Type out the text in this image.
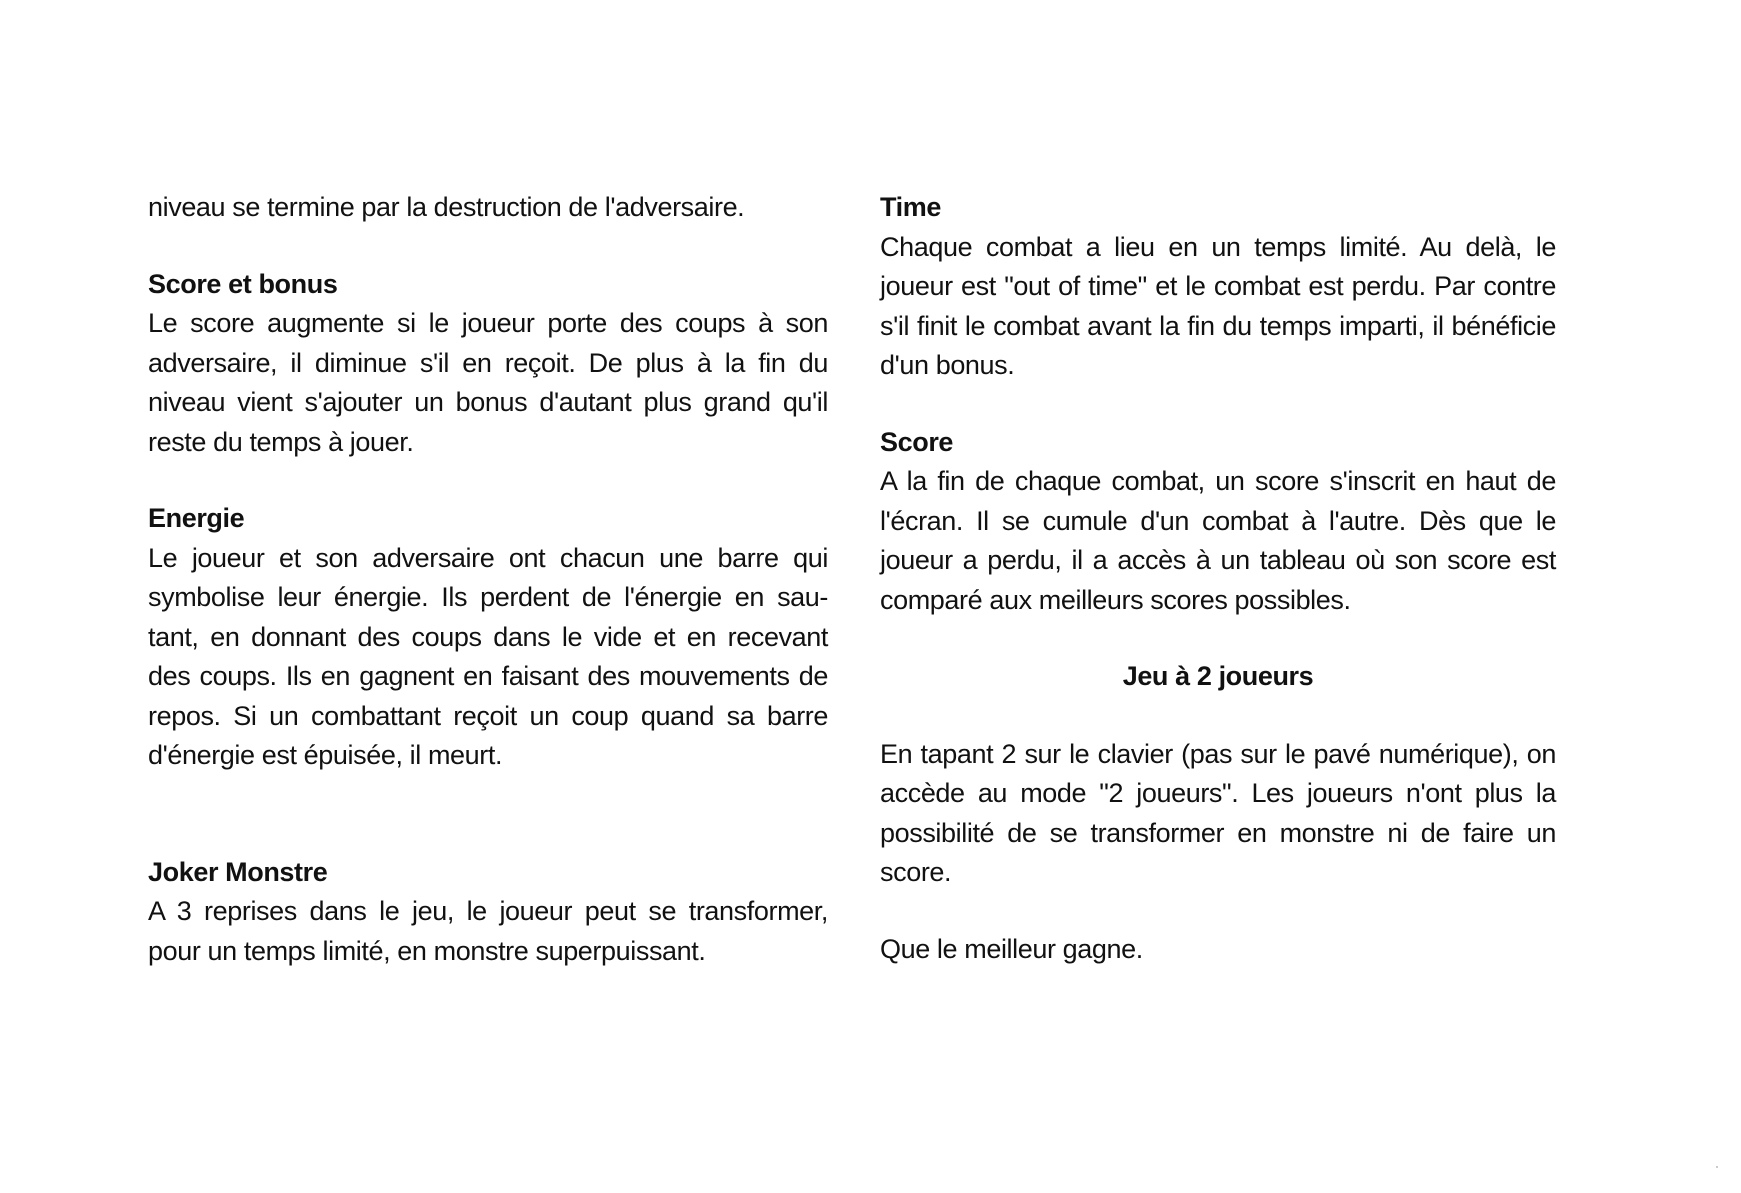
niveau se termine par la destruction de l'adversaire.

Score et bonus

Le score augmente si le joueur porte des coups à son adversaire, il diminue s'il en reçoit. De plus à la fin du niveau vient s'ajouter un bonus d'autant plus grand qu'il reste du temps à jouer.

Energie

Le joueur et son adversaire ont chacun une barre qui symbolise leur énergie. Ils perdent de l'énergie en sau-tant, en donnant des coups dans le vide et en recevant des coups. Ils en gagnent en faisant des mouvements de repos. Si un combattant reçoit un coup quand sa barre d'énergie est épuisée, il meurt.

Joker Monstre

A 3 reprises dans le jeu, le joueur peut se transformer, pour un temps limité, en monstre superpuissant.

Time

Chaque combat a lieu en un temps limité. Au delà, le joueur est "out of time" et le combat est perdu. Par contre s'il finit le combat avant la fin du temps imparti, il bénéficie d'un bonus.

Score

A la fin de chaque combat, un score s'inscrit en haut de l'écran. Il se cumule d'un combat à l'autre. Dès que le joueur a perdu, il a accès à un tableau où son score est comparé aux meilleurs scores possibles.

Jeu à 2 joueurs

En tapant 2 sur le clavier (pas sur le pavé numérique), on accède au mode "2 joueurs". Les joueurs n'ont plus la possibilité de se transformer en monstre ni de faire un score.

Que le meilleur gagne.
